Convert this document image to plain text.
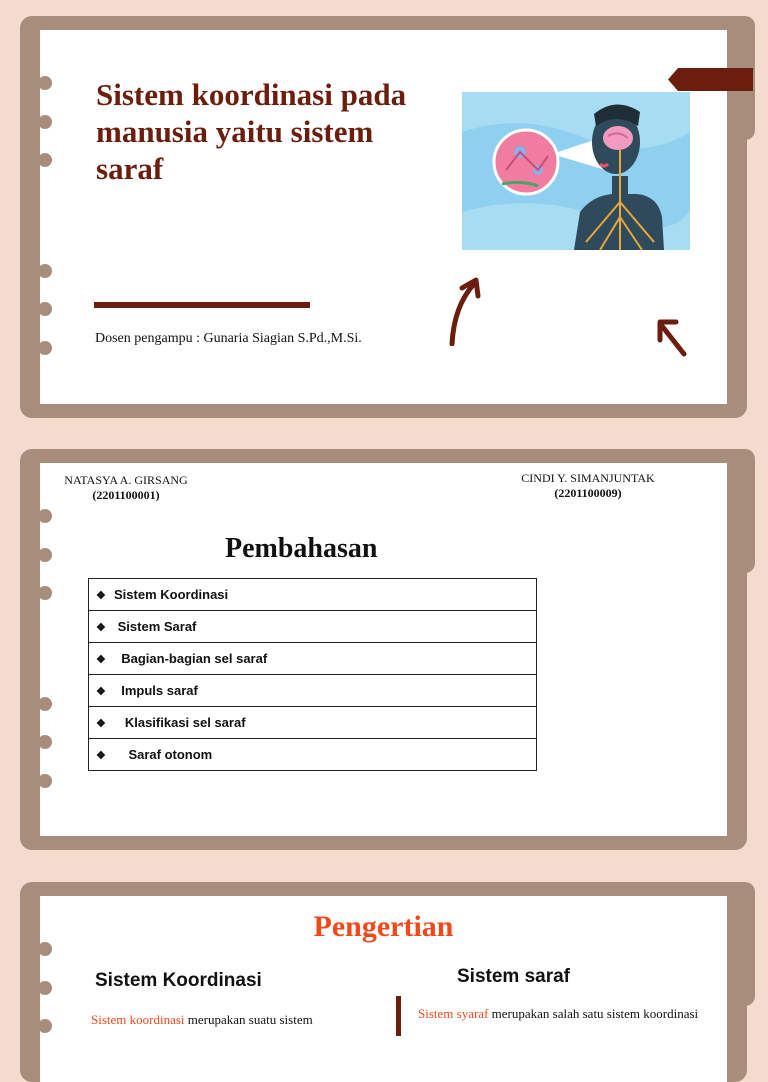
Sistem koordinasi pada manusia yaitu sistem saraf
Dosen pengampu : Gunaria Siagian S.Pd.,M.Si.
NATASYA A. GIRSANG
(2201100001)
CINDI Y. SIMANJUNTAK
(2201100009)
Pembahasan
❖ Sistem Koordinasi
❖ Sistem Saraf
❖ Bagian-bagian sel saraf
❖ Impuls saraf
❖ Klasifikasi sel saraf
❖ Saraf otonom
Pengertian
Sistem Koordinasi	Sistem saraf

Sistem koordinasi merupakan suatu sistem	Sistem syaraf merupakan salah satu sistem koordinasi
